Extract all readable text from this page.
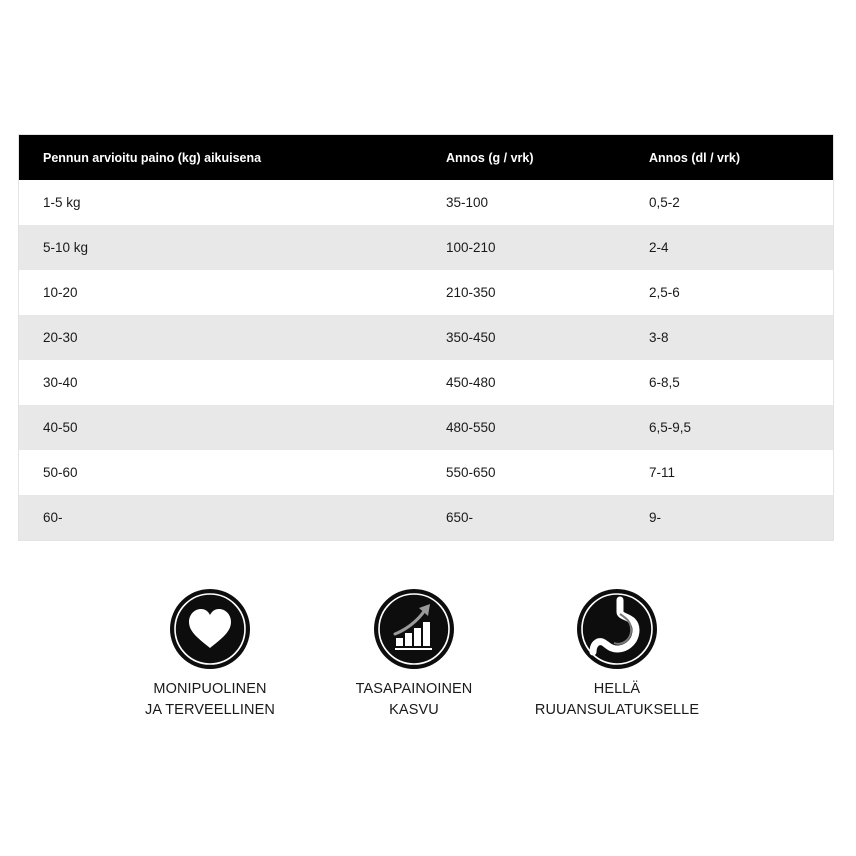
Pennun arvioitu paino (kg) aikuisena	Annos (g / vrk)	Annos (dl / vrk)
1-5 kg	35-100	0,5-2
5-10 kg	100-210	2-4
10-20	210-350	2,5-6
20-30	350-450	3-8
30-40	450-480	6-8,5
40-50	480-550	6,5-9,5
50-60	550-650	7-11
60-	650-	9-
MONIPUOLINEN
JA TERVEELLINEN
TASAPAINOINEN
KASVU
HELLÄ
RUUANSULATUKSELLE
